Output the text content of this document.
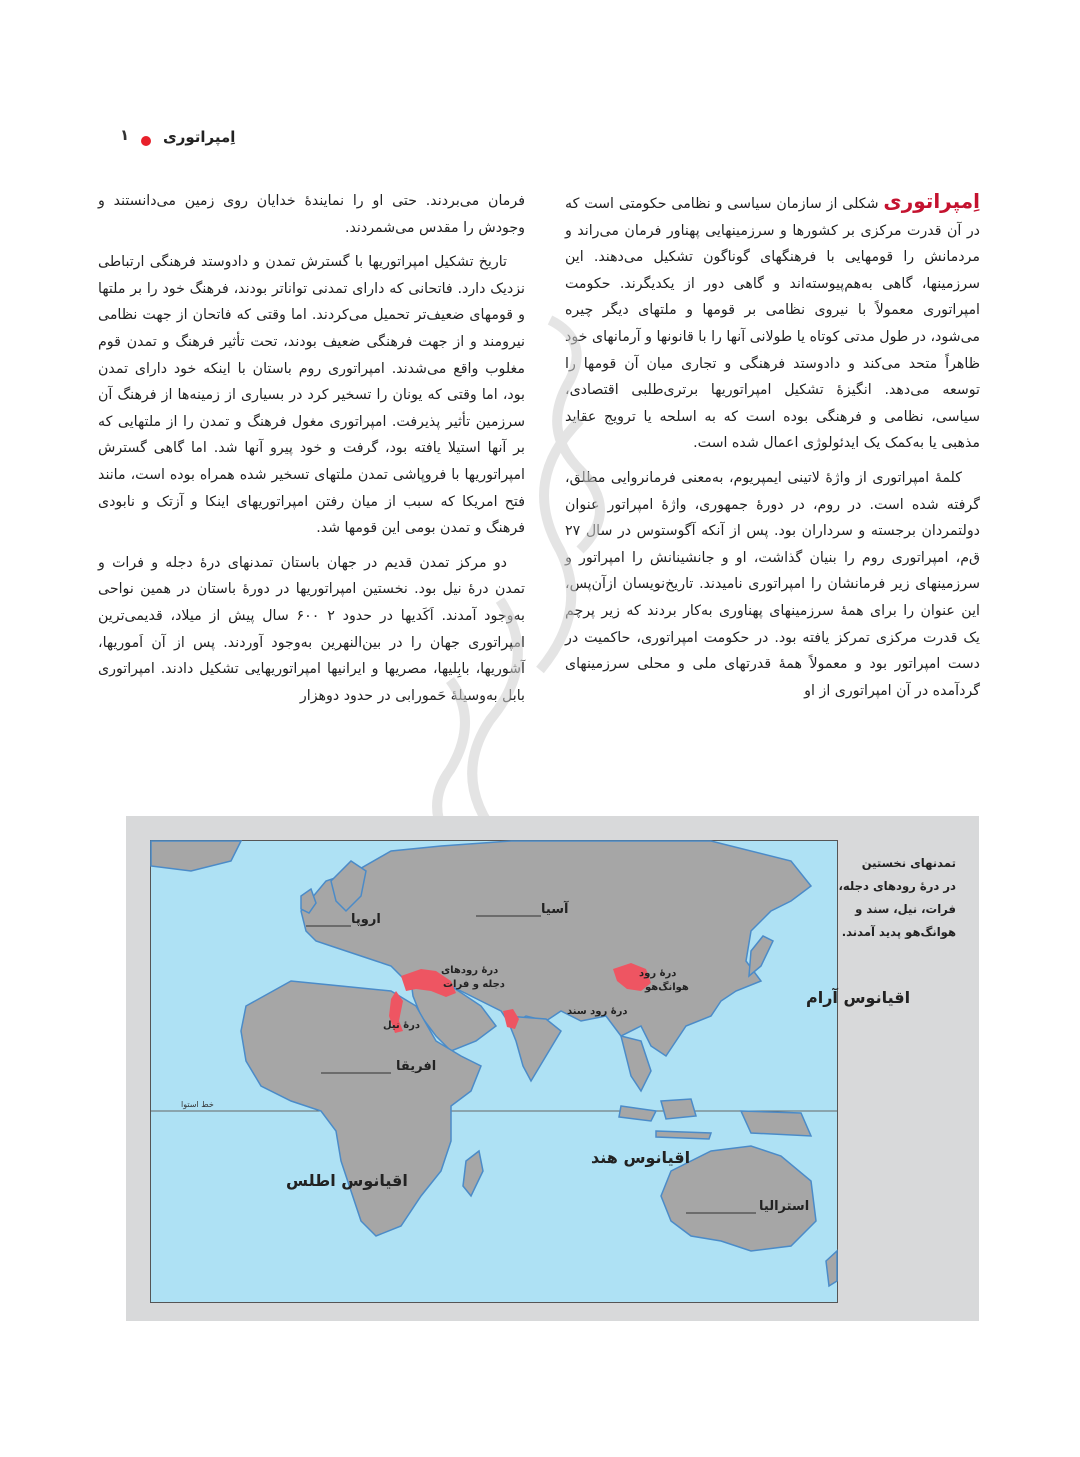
اِمپراتوری
۱

اِمپراتوری شکلی از سازمان سیاسی و نظامی حکومتی است که در آن قدرت مرکزی بر کشورها و سرزمینهایی پهناور فرمان می‌راند و مردمانش را قومهایی با فرهنگهای گوناگون تشکیل می‌دهند. این سرزمینها، گاهی به‌هم‌پیوسته‌اند و گاهی دور از یکدیگرند. حکومت امپراتوری معمولاً با نیروی نظامی بر قومها و ملتهای دیگر چیره می‌شود، در طول مدتی کوتاه یا طولانی آنها را با قانونها و آرمانهای خود ظاهراً متحد می‌کند و دادوستد فرهنگی و تجاری میان آن قومها را توسعه می‌دهد. انگیزهٔ تشکیل امپراتوریها برتری‌طلبی اقتصادی، سیاسی، نظامی و فرهنگی بوده است که به اسلحه یا ترویج عقاید مذهبی یا به‌کمک یک ایدئولوژی اعمال شده است.

کلمهٔ امپراتوری از واژهٔ لاتینی ایمپریوم، به‌معنی فرمانروایی مطلق، گرفته شده است. در روم، در دورهٔ جمهوری، واژهٔ امپراتور عنوان دولتمردان برجسته و سرداران بود. پس از آنکه آگوستوس در سال ۲۷ ق‌م، امپراتوری روم را بنیان گذاشت، او و جانشینانش را امپراتور و سرزمینهای زیر فرمانشان را امپراتوری نامیدند. تاریخ‌نویسان ازآن‌پس، این عنوان را برای همهٔ سرزمینهای پهناوری به‌کار بردند که زیر پرچم یک قدرت مرکزی تمرکز یافته بود. در حکومت امپراتوری، حاکمیت در دست امپراتور بود و معمولاً همهٔ قدرتهای ملی و محلی سرزمینهای گردآمده در آن امپراتوری از او

فرمان می‌بردند. حتی او را نمایندهٔ خدایان روی زمین می‌دانستند و وجودش را مقدس می‌شمردند.

تاریخ تشکیل امپراتوریها با گسترش تمدن و دادوستد فرهنگی ارتباطی نزدیک دارد. فاتحانی که دارای تمدنی تواناتر بودند، فرهنگ خود را بر ملتها و قومهای ضعیف‌تر تحمیل می‌کردند. اما وقتی که فاتحان از جهت نظامی نیرومند و از جهت فرهنگی ضعیف بودند، تحت تأثیر فرهنگ و تمدن قوم مغلوب واقع می‌شدند. امپراتوری روم باستان با اینکه خود دارای تمدن بود، اما وقتی که یونان را تسخیر کرد در بسیاری از زمینه‌ها از فرهنگ آن سرزمین تأثیر پذیرفت. امپراتوری مغول فرهنگ و تمدن را از ملتهایی که بر آنها استیلا یافته بود، گرفت و خود پیرو آنها شد. اما گاهی گسترش امپراتوریها با فروپاشی تمدن ملتهای تسخیر شده همراه بوده است، مانند فتح امریکا که سبب از میان رفتن امپراتوریهای اینکا و آزتک و نابودی فرهنگ و تمدن بومی این قومها شد.

دو مرکز تمدن قدیم در جهان باستان تمدنهای درهٔ دجله و فرات و تمدن درهٔ نیل بود. نخستین امپراتوریها در دورهٔ باستان در همین نواحی به‌وجود آمدند. اَکَدیها در حدود ۲ ۶۰۰ سال پیش از میلاد، قدیمی‌ترین امپراتوری جهان را در بین‌النهرین به‌وجود آوردند. پس از آن اَموریها، آشوریها، بابِلیها، مصریها و ایرانیها امپراتوریهایی تشکیل دادند. امپراتوری بابل به‌وسیلهٔ حَمورابی در حدود دوهزار

اروپا
آسیا
افریقا
استرالیا
اقیانوس آرام
اقیانوس هند
اقیانوس اطلس
خط استوا
درهٔ نیل
درهٔ رودهای
دجله و فرات
درهٔ رود سند
درهٔ رود
هوانگ‌هو
تمدنهای نخستین
در درهٔ رودهای دجله،
فرات، نیل، سند و
هوانگ‌هو پدید آمدند.
